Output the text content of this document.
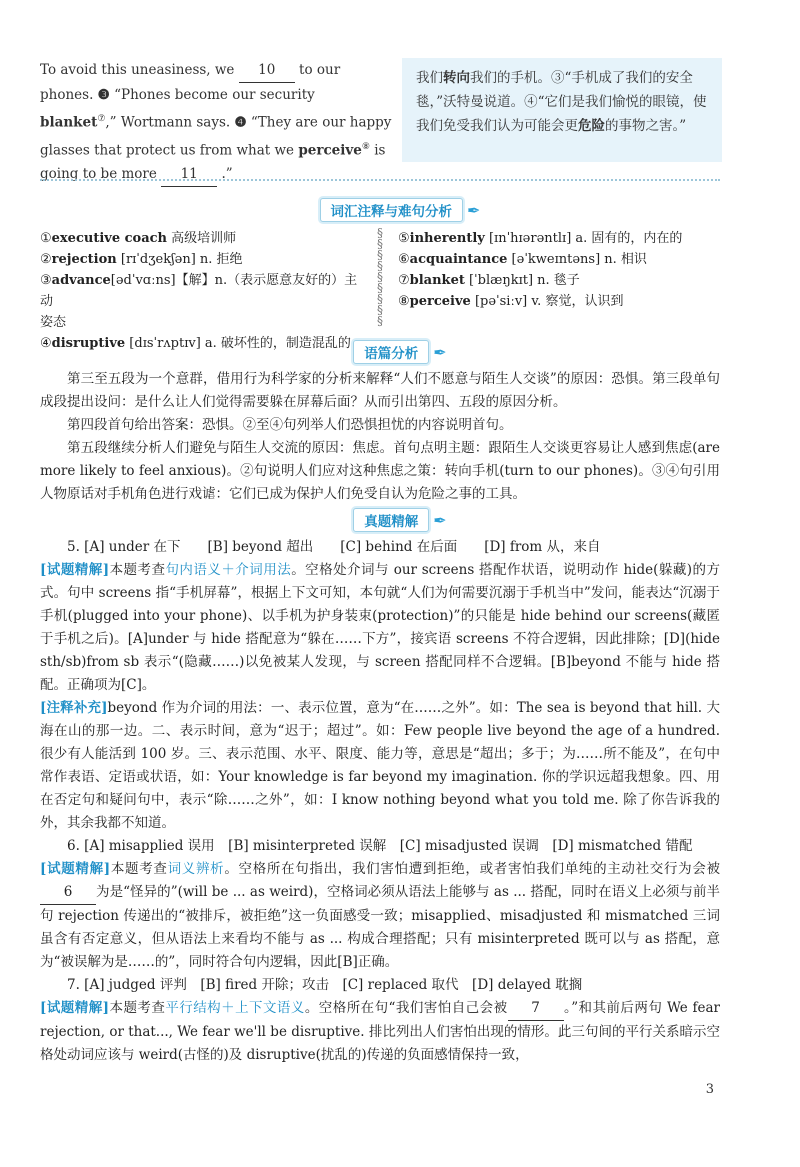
To avoid this uneasiness, we 10 to our phones. ❸ “Phones become our security blanket⑦,” Wortmann says. ❹ “They are our happy glasses that protect us from what we perceive⑧ is going to be more 11 .”
我们转向我们的手机。③“手机成了我们的安全毯，”沃特曼说道。④“它们是我们愉悦的眼镜，使我们免受我们认为可能会更危险的事物之害。”
词汇注释与难句分析 ✒
①executive coach 高级培训师
②rejection [rɪˈdʒekʃən] n. 拒绝
③advance[ədˈvɑːns]【解】n.（表示愿意友好的）主动
姿态
④disruptive [dɪsˈrʌptɪv] a. 破坏性的，制造混乱的
§
§
§
§
§
§
§
§
§
⑤inherently [ɪnˈhɪərəntlɪ] a. 固有的，内在的
⑥acquaintance [əˈkweɪntəns] n. 相识
⑦blanket [ˈblæŋkɪt] n. 毯子
⑧perceive [pəˈsiːv] v. 察觉，认识到
语篇分析 ✒
第三至五段为一个意群，借用行为科学家的分析来解释“人们不愿意与陌生人交谈”的原因：恐惧。第三段单句成段提出设问：是什么让人们觉得需要躲在屏幕后面？从而引出第四、五段的原因分析。
第四段首句给出答案：恐惧。②至④句列举人们恐惧担忧的内容说明首句。
第五段继续分析人们避免与陌生人交流的原因：焦虑。首句点明主题：跟陌生人交谈更容易让人感到焦虑(are more likely to feel anxious)。②句说明人们应对这种焦虑之策：转向手机(turn to our phones)。③④句引用人物原话对手机角色进行戏谑：它们已成为保护人们免受自认为危险之事的工具。
真题精解 ✒
5. [A] under 在下　　[B] beyond 超出　　[C] behind 在后面　　[D] from 从，来自
[试题精解]本题考查句内语义＋介词用法。空格处介词与 our screens 搭配作状语，说明动作 hide(躲藏)的方式。句中 screens 指“手机屏幕”，根据上下文可知，本句就“人们为何需要沉溺于手机当中”发问，能表达“沉溺于手机(plugged into your phone)、以手机为护身装束(protection)”的只能是 hide behind our screens(藏匿于手机之后)。[A]under 与 hide 搭配意为“躲在……下方”，接宾语 screens 不符合逻辑，因此排除；[D](hide sth/sb)from sb 表示“(隐藏……)以免被某人发现，与 screen 搭配同样不合逻辑。[B]beyond 不能与 hide 搭配。正确项为[C]。
[注释补充]beyond 作为介词的用法：一、表示位置，意为“在……之外”。如：The sea is beyond that hill. 大海在山的那一边。二、表示时间，意为“迟于；超过”。如：Few people live beyond the age of a hundred. 很少有人能活到 100 岁。三、表示范围、水平、限度、能力等，意思是“超出；多于；为……所不能及”，在句中常作表语、定语或状语，如：Your knowledge is far beyond my imagination. 你的学识远超我想象。四、用在否定句和疑问句中，表示“除……之外”，如：I know nothing beyond what you told me. 除了你告诉我的外，其余我都不知道。
6. [A] misapplied 误用　[B] misinterpreted 误解　[C] misadjusted 误调　[D] mismatched 错配
[试题精解]本题考查词义辨析。空格所在句指出，我们害怕遭到拒绝，或者害怕我们单纯的主动社交行为会被6 为是“怪异的”(will be ... as weird)，空格词必须从语法上能够与 as ... 搭配，同时在语义上必须与前半句 rejection 传递出的“被排斥，被拒绝”这一负面感受一致；misapplied、misadjusted 和 mismatched 三词虽含有否定意义，但从语法上来看均不能与 as ... 构成合理搭配；只有 misinterpreted 既可以与 as 搭配，意为“被误解为是……的”，同时符合句内逻辑，因此[B]正确。
7. [A] judged 评判　[B] fired 开除；攻击　[C] replaced 取代　[D] delayed 耽搁
[试题精解]本题考查平行结构＋上下文语义。空格所在句“我们害怕自己会被 7 。”和其前后两句 We fear rejection, or that..., We fear we'll be disruptive. 排比列出人们害怕出现的情形。此三句间的平行关系暗示空格处动词应该与 weird(古怪的)及 disruptive(扰乱的)传递的负面感情保持一致，
3
